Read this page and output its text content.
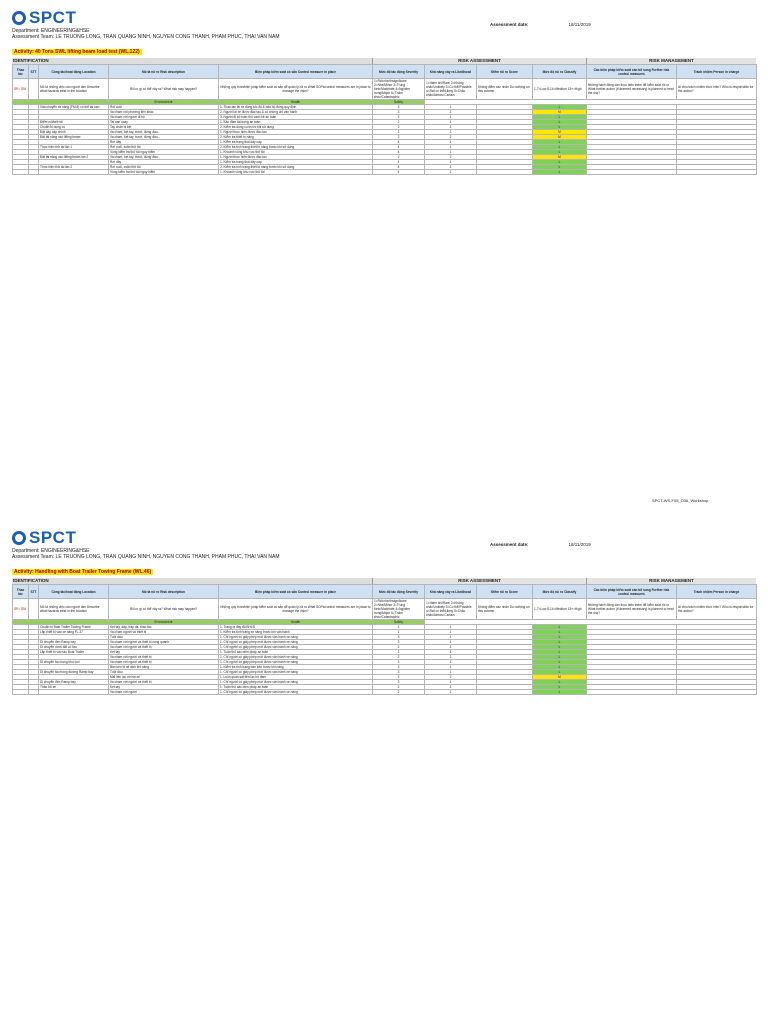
SPCT	Assessment date:	18/11/2019
Department: ENGINEERING&HSE
Assessment Team: LE TRUONG LONG, TRAN QUANG NINH, NGUYEN CONG THANH, PHAM PHUC, THAI VAN NAM
Activity: 40 Tons SWL lifting beam load test (WL.122)
IDENTIFICATION	RISK ASSESSMENT	RISK MANAGEMENT
Thao tác	STT	Công tác/hoạt động Location	Mô tả rủi ro Risk description	Biện pháp kiểm soát có sẵn Control measure in place	Mức độ tác động Severity	Khả năng xảy ra Likelihood	Điểm rủi ro Score	Mức độ rủi ro Classify	Các biện pháp kiểm soát cần bổ sung Further risk control measures	Trách nhiệm Person in charge
SR / SM		Mô tả những việc cần người làm Describe what hazards exist in the location	Rủi ro gì có thể xảy ra? What risk may happen?	Những quy trình/biện pháp kiểm soát có sẵn để quản lý rủi ro What SOPs/control measures are in place to manage the risks?	1=Rất nhẹ/Insignificant 2=Nhẹ/Minor 3=Trung bình/Moderate 4=Nghiêm trọng/Major 5=Thảm khốc/Catastrophic	1=Hiếm khi/Rare 2=Không chắc/Unlikely 3=Có thể/Possible 4=Rất có thể/Likely 5=Chắc chắn/Almost Certain	Không điểm xác nhận Do nothing on this column	1-7=Low 8-14=Medium 15+=High	Những hành động cần thực hiện thêm để kiểm soát rủi ro What further action (if deemed necessary) is planned to treat the risk?	Ai chịu trách nhiệm thực hiện? Who is responsible for the action?
			Environment	Health	Safety					
		Vận chuyển xe nâng (FM.8) có thể tai nạn	Rơi cuối	1. Thao tác lái xe đúng tốc độ & bảo hộ đúng quy định	3	1		L		
			Va chạm với phương tiện khác	2. Người lái xe được đào tạo & có chứng chỉ vận hành	3	2		M		
			Va chạm với người đi bộ	3. Người đi bộ tuân thủ vạch kẻ an toàn	3	1		L		
		Điểm nối/kết nối	Tai nạn xoay	1. Bảo đảm tải trọng an toàn	1	1		L		
		Chuẩn bị dụng cụ	Tay chân bị kẹt	2. Kiểm tra dụng cụ trước khi sử dụng	2	1		L		
		Đặt dây cáp chính	Va chạm, kẹt tay, trượt, đứng đầu...	1. Người thực hiện được đào tạo	2	2		M		
		Đặt tải nặng vào lifting beam	Va chạm, kẹt tay, trượt, đứng đầu...	2. Kiểm tra thiết bị nâng	2	2		M		
			Rơi dây	1. Kiểm tra trạng thái dây cáp	4	1		L		
		Thực hiện thử tải lần 1	Rơi cuối, xoắn thử tải	2. Kiểm tra tình trạng thiết bị nâng trước khi sử dụng	4	1		L		
			Vùng kiểm tra thử tải nguy hiểm	1. Khoanh vùng khu vực thử tải	4	1		L		
		Đặt tải nặng vào lifting beam lần 2	Va chạm, kẹt tay, trượt, đứng đầu...	1. Người thực hiện được đào tạo	2	2		M		
			Rơi dây	1. Kiểm tra trạng thái dây cáp	4	1		L		
		Thực hiện thử tải lần 2	Rơi cuối, xoắn thử tải	2. Kiểm tra tình trạng thiết bị nâng trước khi sử dụng	4	1		L		
			Vùng kiểm tra thử tải nguy hiểm	1. Khoanh vùng khu vực thử tải	4	1		L		
SPCT-WS-F05_O36_Workshop
SPCT	Assessment date:	18/11/2019
Department: ENGINEERING&HSE
Assessment Team: LE TRUONG LONG, TRAN QUANG NINH, NGUYEN CONG THANH, PHAM PHUC, THAI VAN NAM
Activity: Handling with Boat Trailer Towing Frame (WL.46)
IDENTIFICATION	RISK ASSESSMENT	RISK MANAGEMENT
Thao tác	STT	Công tác/hoạt động Location	Mô tả rủi ro Risk description	Biện pháp kiểm soát có sẵn Control measure in place	Mức độ tác động Severity	Khả năng xảy ra Likelihood	Điểm rủi ro Score	Mức độ rủi ro Classify	Các biện pháp kiểm soát cần bổ sung Further risk control measures	Trách nhiệm Person in charge
SR / SM		Mô tả những việc cần người làm Describe what hazards exist in the location	Rủi ro gì có thể xảy ra? What risk may happen?	Những quy trình/biện pháp kiểm soát có sẵn để quản lý rủi ro What SOPs/control measures are in place to manage the risks?	1=Rất nhẹ/Insignificant 2=Nhẹ/Minor 3=Trung bình/Moderate 4=Nghiêm trọng/Major 5=Thảm khốc/Catastrophic	1=Hiếm khi/Rare 2=Không chắc/Unlikely 3=Có thể/Possible 4=Rất có thể/Likely 5=Chắc chắn/Almost Certain	Không điểm xác nhận Do nothing on this column	1-7=Low 8-14=Medium 15+=High	Những hành động cần thực hiện thêm để kiểm soát rủi ro What further action (if deemed necessary) is planned to treat the risk?	Ai chịu trách nhiệm thực hiện? Who is responsible for the action?
			Environment	Health	Safety					
		Chuẩn bị Boat Trailer Towing Frame	Kẹt tay, dập, trầy da, thao tác	1. Trang bị đầy đủ BHLĐ	1	1		L		
		Lắp thiết bị vào xe nâng FL.37	Va chạm người và thiết bị	1. Kiểm tra tình trạng xe nâng trước khi vận hành	1	1		L		
			Tuột dầu	1. Chỉ người có giấy phép mới được vận hành xe nâng	3	1		L		
		Di chuyển đến Ramp bay	Va chạm với người và thiết bị xung quanh	1. Chỉ người có giấy phép mới được vận hành xe nâng	3	1		L		
		Di chuyển dưới đất có tàu	Va chạm với người và thiết bị	1. Chỉ người có giấy phép mới được vận hành xe nâng	2	1		L		
		Lắp thiết bị vào tàu Boat Trailer	Kẹt tay	1. Tuân thủ các biện pháp an toàn	2	1		L		
			Va chạm với người và thiết bị	1. Chỉ người có giấy phép mới được vận hành xe nâng	2	1		L		
		Di chuyển tàu trong khu vực	Va chạm với người và thiết bị	1. Chỉ người có giấy phép mới được vận hành xe nâng	3	1		L		
			Bàn kéo bị xê dịch khi nâng	1. Kiểm tra tình trạng bàn kéo trước khi nâng	3	1		L		
		Di chuyển tàu trong đường Ramp bay	Tuột dầu	1. Chỉ người có giấy phép mới được vận hành xe nâng	3	1		L		
			Mất liên lạc với tài xế	1. Luôn quan sát liên lạc bộ đàm	3	2		M		
		Di chuyển đến Ramp bay	Va chạm với người và thiết bị	1. Chỉ người có giấy phép mới được vận hành xe nâng	3	1		L		
		Tháo bỏ xe	Kẹt tay	1. Tuân thủ các biện pháp an toàn	2	1		L		
			Va chạm với người	1. Chỉ người có giấy phép mới được vận hành xe nâng	2	1		L		
